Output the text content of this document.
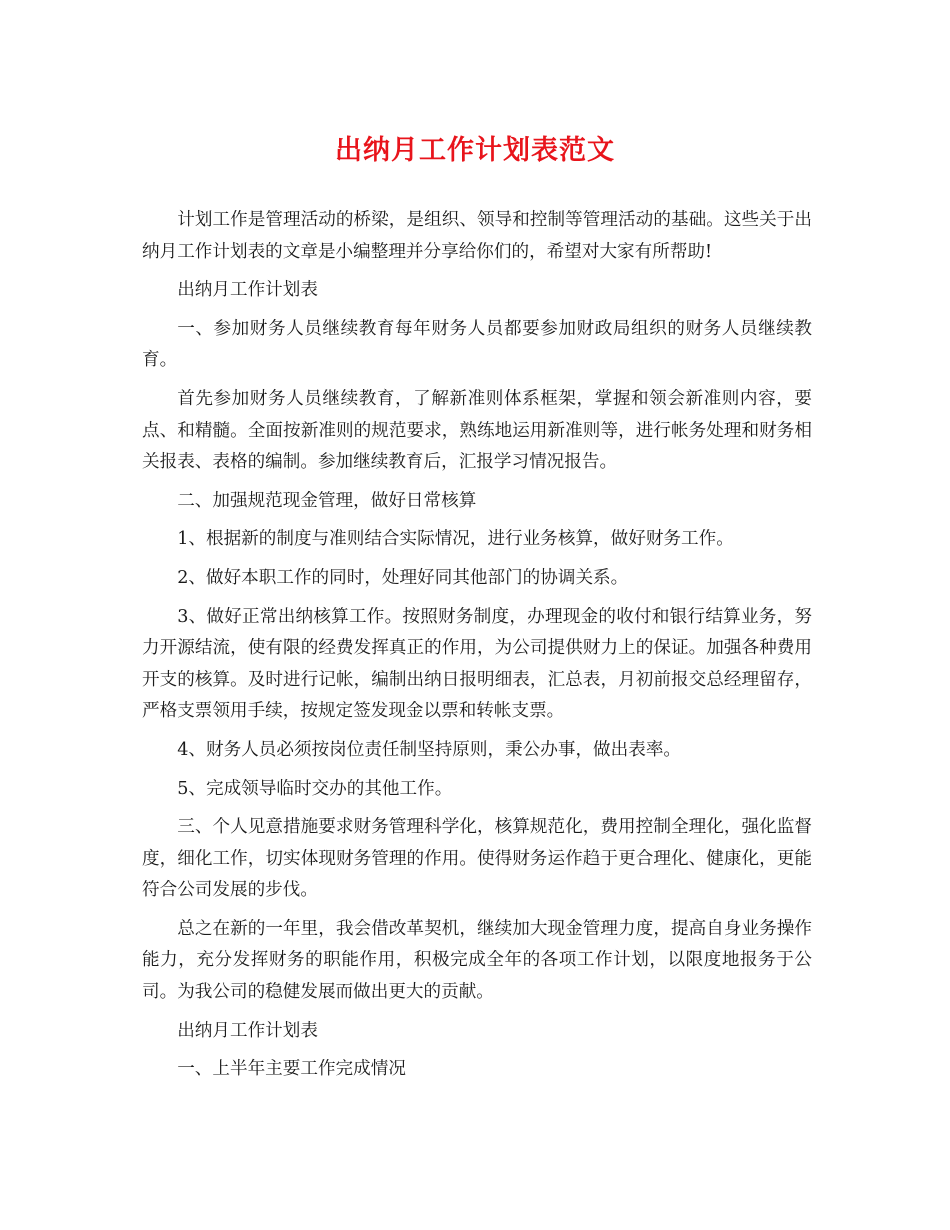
出纳月工作计划表范文

计划工作是管理活动的桥梁，是组织、领导和控制等管理活动的基础。这些关于出纳月工作计划表的文章是小编整理并分享给你们的，希望对大家有所帮助!

出纳月工作计划表

一、参加财务人员继续教育每年财务人员都要参加财政局组织的财务人员继续教育。

首先参加财务人员继续教育，了解新准则体系框架，掌握和领会新准则内容，要点、和精髓。全面按新准则的规范要求，熟练地运用新准则等，进行帐务处理和财务相关报表、表格的编制。参加继续教育后，汇报学习情况报告。

二、加强规范现金管理，做好日常核算

1、根据新的制度与准则结合实际情况，进行业务核算，做好财务工作。

2、做好本职工作的同时，处理好同其他部门的协调关系。

3、做好正常出纳核算工作。按照财务制度，办理现金的收付和银行结算业务，努力开源结流，使有限的经费发挥真正的作用，为公司提供财力上的保证。加强各种费用开支的核算。及时进行记帐，编制出纳日报明细表，汇总表，月初前报交总经理留存，严格支票领用手续，按规定签发现金以票和转帐支票。

4、财务人员必须按岗位责任制坚持原则，秉公办事，做出表率。

5、完成领导临时交办的其他工作。

三、个人见意措施要求财务管理科学化，核算规范化，费用控制全理化，强化监督度，细化工作，切实体现财务管理的作用。使得财务运作趋于更合理化、健康化，更能符合公司发展的步伐。

总之在新的一年里，我会借改革契机，继续加大现金管理力度，提高自身业务操作能力，充分发挥财务的职能作用，积极完成全年的各项工作计划，以限度地报务于公司。为我公司的稳健发展而做出更大的贡献。

出纳月工作计划表

一、上半年主要工作完成情况
